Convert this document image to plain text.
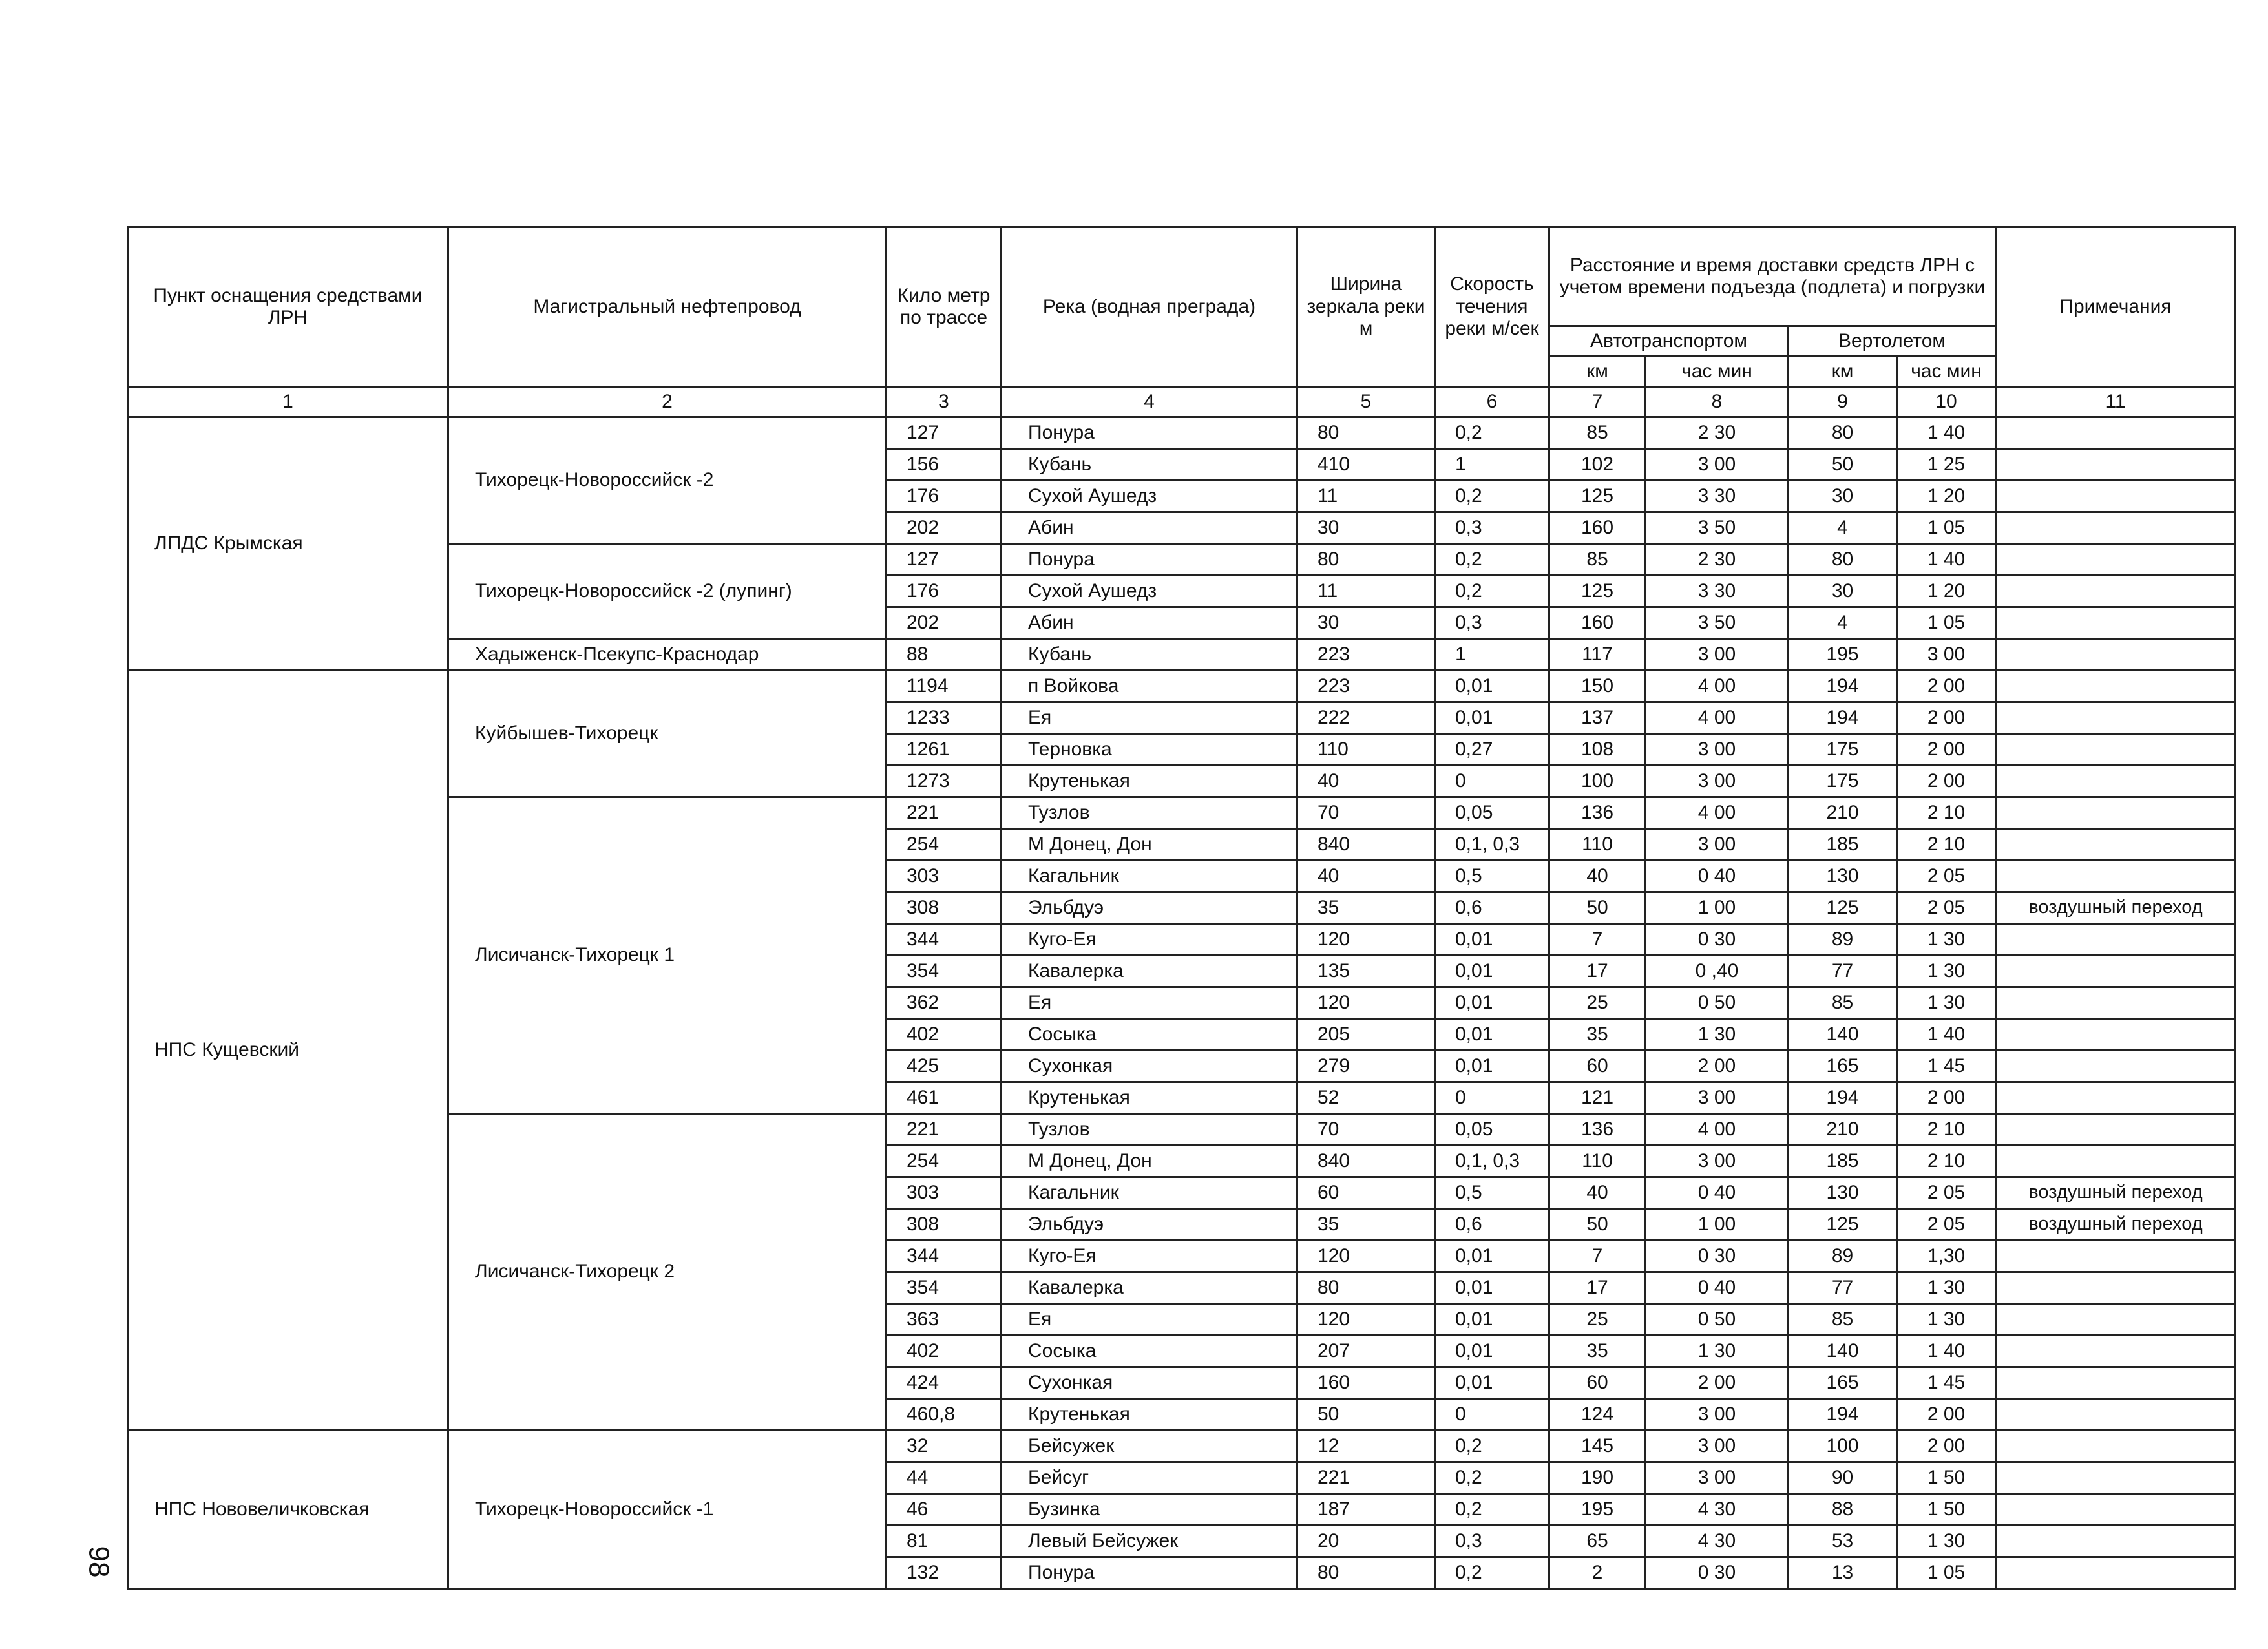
Пункт оснащения средствами ЛРН	Магистральный нефтепровод	Кило метр по трассе	Река (водная преграда)	Ширина зеркала реки м	Скорость течения реки м/сек	Расстояние и время доставки средств ЛРН с учетом времени подъезда (подлета) и погрузки				Примечания
						Автотранспортом		Вертолетом		
						км	час мин	км	час мин	
1	2	3	4	5	6	7	8	9	10	11
ЛПДС Крымская	Тихорецк-Новороссийск -2	127	Понура	80	0,2	85	2 30	80	1 40	
		156	Кубань	410	1	102	3 00	50	1 25	
		176	Сухой Аушедз	11	0,2	125	3 30	30	1 20	
		202	Абин	30	0,3	160	3 50	4	1 05	
	Тихорецк-Новороссийск -2 (лупинг)	127	Понура	80	0,2	85	2 30	80	1 40	
		176	Сухой Аушедз	11	0,2	125	3 30	30	1 20	
		202	Абин	30	0,3	160	3 50	4	1 05	
	Хадыженск-Псекупс-Краснодар	88	Кубань	223	1	117	3 00	195	3 00	
НПС Кущевский	Куйбышев-Тихорецк	1194	п Войкова	223	0,01	150	4 00	194	2 00	
		1233	Ея	222	0,01	137	4 00	194	2 00	
		1261	Терновка	110	0,27	108	3 00	175	2 00	
		1273	Крутенькая	40	0	100	3 00	175	2 00	
	Лисичанск-Тихорецк 1	221	Тузлов	70	0,05	136	4 00	210	2 10	
		254	М Донец, Дон	840	0,1, 0,3	110	3 00	185	2 10	
		303	Кагальник	40	0,5	40	0 40	130	2 05	
		308	Эльбдуэ	35	0,6	50	1 00	125	2 05	воздушный переход
		344	Куго-Ея	120	0,01	7	0 30	89	1 30	
		354	Кавалерка	135	0,01	17	0 ,40	77	1 30	
		362	Ея	120	0,01	25	0 50	85	1 30	
		402	Сосыка	205	0,01	35	1 30	140	1 40	
		425	Сухонкая	279	0,01	60	2 00	165	1 45	
		461	Крутенькая	52	0	121	3 00	194	2 00	
	Лисичанск-Тихорецк 2	221	Тузлов	70	0,05	136	4 00	210	2 10	
		254	М Донец, Дон	840	0,1, 0,3	110	3 00	185	2 10	
		303	Кагальник	60	0,5	40	0 40	130	2 05	воздушный переход
		308	Эльбдуэ	35	0,6	50	1 00	125	2 05	воздушный переход
		344	Куго-Ея	120	0,01	7	0 30	89	1,30	
		354	Кавалерка	80	0,01	17	0 40	77	1 30	
		363	Ея	120	0,01	25	0 50	85	1 30	
		402	Сосыка	207	0,01	35	1 30	140	1 40	
		424	Сухонкая	160	0,01	60	2 00	165	1 45	
		460,8	Крутенькая	50	0	124	3 00	194	2 00	
НПС Нововеличковская	Тихорецк-Новороссийск -1	32	Бейсужек	12	0,2	145	3 00	100	2 00	
		44	Бейсуг	221	0,2	190	3 00	90	1 50	
		46	Бузинка	187	0,2	195	4 30	88	1 50	
		81	Левый Бейсужек	20	0,3	65	4 30	53	1 30	
		132	Понура	80	0,2	2	0 30	13	1 05	
98
